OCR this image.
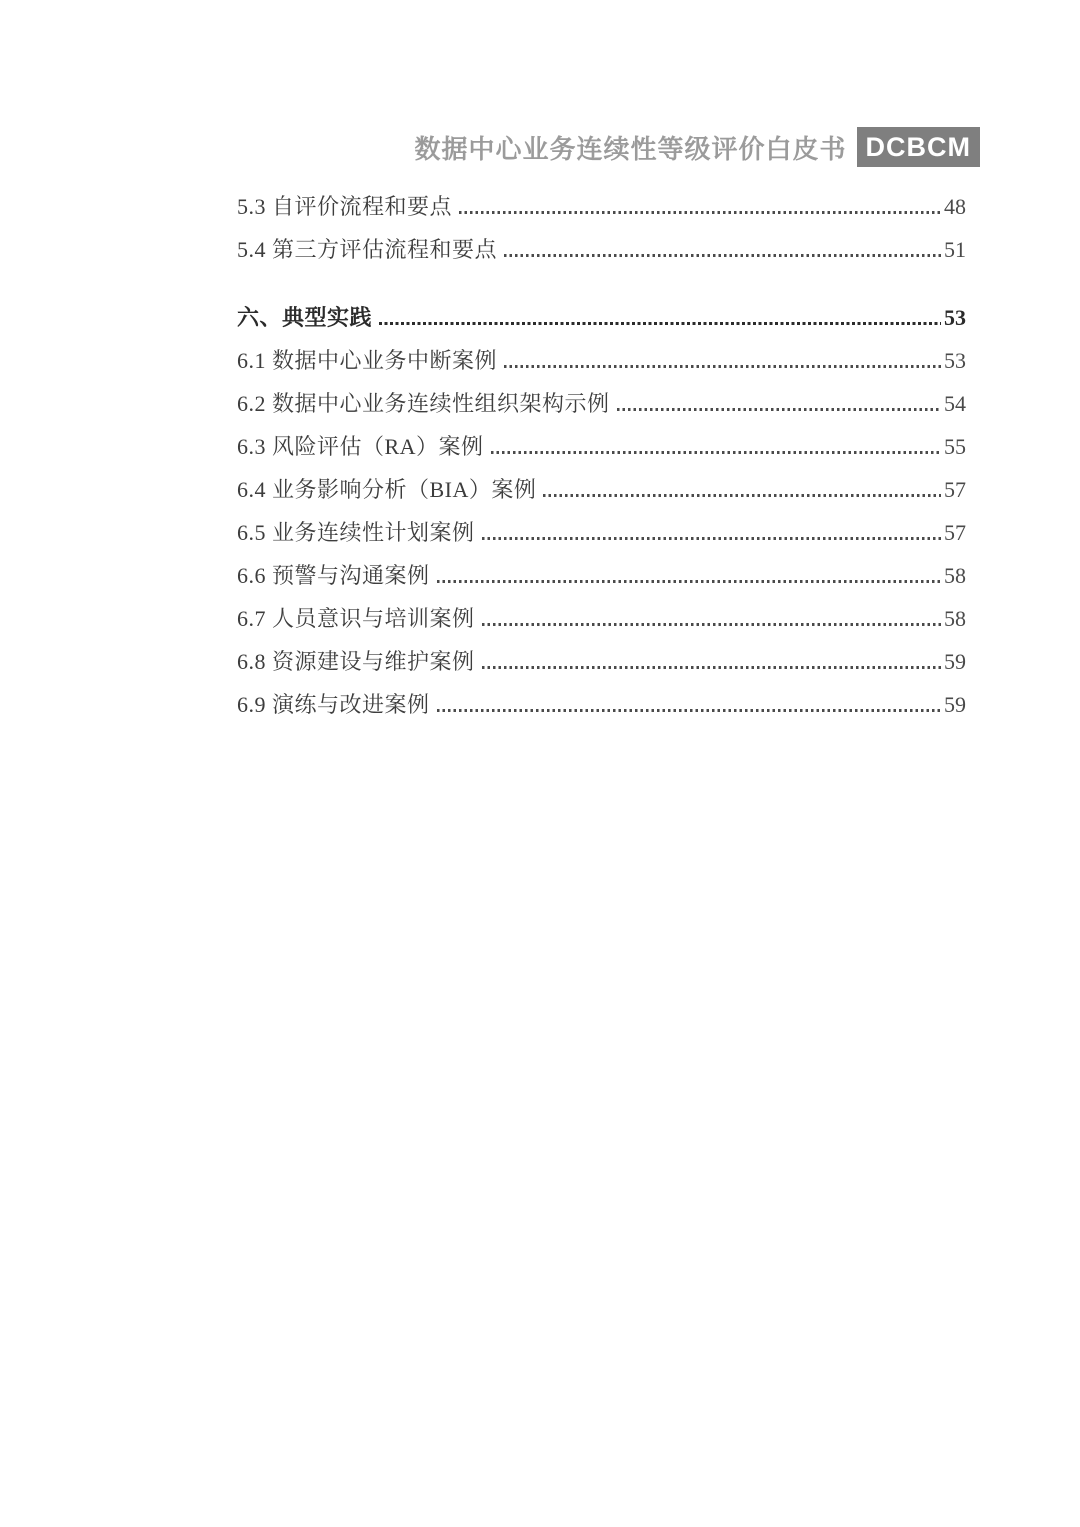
数据中心业务连续性等级评价白皮书 DCBCM
5.3 自评价流程和要点	48
5.4 第三方评估流程和要点	51
六、典型实践	53
6.1 数据中心业务中断案例	53
6.2 数据中心业务连续性组织架构示例	54
6.3 风险评估（RA）案例	55
6.4 业务影响分析（BIA）案例	57
6.5 业务连续性计划案例	57
6.6 预警与沟通案例	58
6.7 人员意识与培训案例	58
6.8 资源建设与维护案例	59
6.9 演练与改进案例	59
